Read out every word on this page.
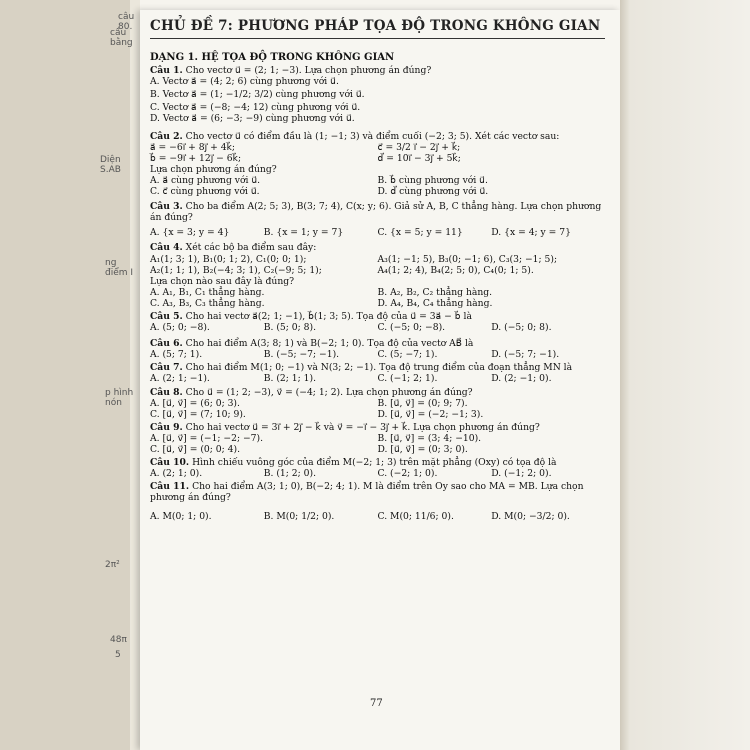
câu 80.
cầu bằng
Diện S.AB
ng điểm I
p hình nón
2π²
48π
5
CHỦ ĐỀ 7: PHƯƠNG PHÁP TỌA ĐỘ TRONG KHÔNG GIAN
DẠNG 1. HỆ TỌA ĐỘ TRONG KHÔNG GIAN
Câu 1. Cho vectơ u⃗ = (2; 1; −3). Lựa chọn phương án đúng?
A. Vectơ a⃗ = (4; 2; 6) cùng phương với u⃗.
B. Vectơ a⃗ = (1; −1/2; 3/2) cùng phương với u⃗.
C. Vectơ a⃗ = (−8; −4; 12) cùng phương với u⃗.
D. Vectơ a⃗ = (6; −3; −9) cùng phương với u⃗.
Câu 2. Cho vectơ u⃗ có điểm đầu là (1; −1; 3) và điểm cuối (−2; 3; 5). Xét các vectơ sau:
a⃗ = −6i⃗ + 8j⃗ + 4k⃗;	c⃗ = 3/2 i⃗ − 2j⃗ + k⃗;
b⃗ = −9i⃗ + 12j⃗ − 6k⃗;	d⃗ = 10i⃗ − 3j⃗ + 5k⃗;
Lựa chọn phương án đúng?
A. a⃗ cùng phương với u⃗.	B. b⃗ cùng phương với u⃗.
C. c⃗ cùng phương với u⃗.	D. d⃗ cùng phương với u⃗.
Câu 3. Cho ba điểm A(2; 5; 3), B(3; 7; 4), C(x; y; 6). Giả sử A, B, C thẳng hàng. Lựa chọn phương án đúng?
A. {x = 3; y = 4}	B. {x = 1; y = 7}	C. {x = 5; y = 11}	D. {x = 4; y = 7}
Câu 4. Xét các bộ ba điểm sau đây:
A₁(1; 3; 1), B₁(0; 1; 2), C₁(0; 0; 1);	A₃(1; −1; 5), B₃(0; −1; 6), C₃(3; −1; 5);
A₂(1; 1; 1), B₂(−4; 3; 1), C₂(−9; 5; 1);	A₄(1; 2; 4), B₄(2; 5; 0), C₄(0; 1; 5).
Lựa chọn nào sau đây là đúng?
A. A₁, B₁, C₁ thẳng hàng.	B. A₂, B₂, C₂ thẳng hàng.
C. A₃, B₃, C₃ thẳng hàng.	D. A₄, B₄, C₄ thẳng hàng.
Câu 5. Cho hai vectơ a⃗(2; 1; −1), b⃗(1; 3; 5). Tọa độ của u⃗ = 3a⃗ − b⃗ là
A. (5; 0; −8).	B. (5; 0; 8).	C. (−5; 0; −8).	D. (−5; 0; 8).
Câu 6. Cho hai điểm A(3; 8; 1) và B(−2; 1; 0). Tọa độ của vectơ AB⃗ là
A. (5; 7; 1).	B. (−5; −7; −1).	C. (5; −7; 1).	D. (−5; 7; −1).
Câu 7. Cho hai điểm M(1; 0; −1) và N(3; 2; −1). Tọa độ trung điểm của đoạn thẳng MN là
A. (2; 1; −1).	B. (2; 1; 1).	C. (−1; 2; 1).	D. (2; −1; 0).
Câu 8. Cho u⃗ = (1; 2; −3), v⃗ = (−4; 1; 2). Lựa chọn phương án đúng?
A. [u⃗, v⃗] = (6; 0; 3).	B. [u⃗, v⃗] = (0; 9; 7).
C. [u⃗, v⃗] = (7; 10; 9).	D. [u⃗, v⃗] = (−2; −1; 3).
Câu 9. Cho hai vectơ u⃗ = 3i⃗ + 2j⃗ − k⃗ và v⃗ = −i⃗ − 3j⃗ + k⃗. Lựa chọn phương án đúng?
A. [u⃗, v⃗] = (−1; −2; −7).	B. [u⃗, v⃗] = (3; 4; −10).
C. [u⃗, v⃗] = (0; 0; 4).	D. [u⃗, v⃗] = (0; 3; 0).
Câu 10. Hình chiếu vuông góc của điểm M(−2; 1; 3) trên mặt phẳng (Oxy) có tọa độ là
A. (2; 1; 0).	B. (1; 2; 0).	C. (−2; 1; 0).	D. (−1; 2; 0).
Câu 11. Cho hai điểm A(3; 1; 0), B(−2; 4; 1). M là điểm trên Oy sao cho MA = MB. Lựa chọn phương án đúng?
A. M(0; 1; 0).	B. M(0; 1/2; 0).	C. M(0; 11/6; 0).	D. M(0; −3/2; 0).
77
